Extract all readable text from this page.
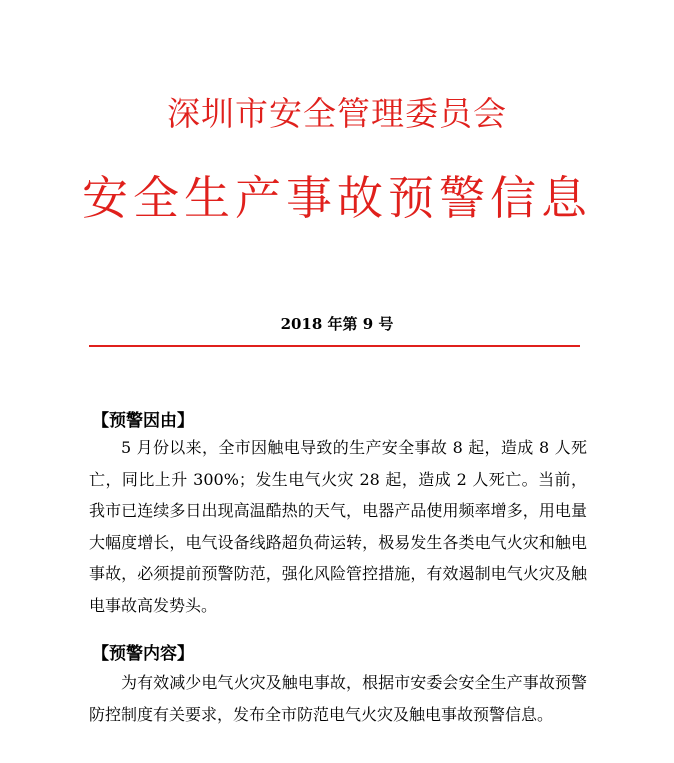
深圳市安全管理委员会
安全生产事故预警信息
2018 年第 9 号
【预警因由】

5 月份以来，全市因触电导致的生产安全事故 8 起，造成 8 人死亡，同比上升 300%；发生电气火灾 28 起，造成 2 人死亡。当前，我市已连续多日出现高温酷热的天气，电器产品使用频率增多，用电量大幅度增长，电气设备线路超负荷运转，极易发生各类电气火灾和触电事故，必须提前预警防范，强化风险管控措施，有效遏制电气火灾及触电事故高发势头。

【预警内容】

为有效减少电气火灾及触电事故，根据市安委会安全生产事故预警防控制度有关要求，发布全市防范电气火灾及触电事故预警信息。
